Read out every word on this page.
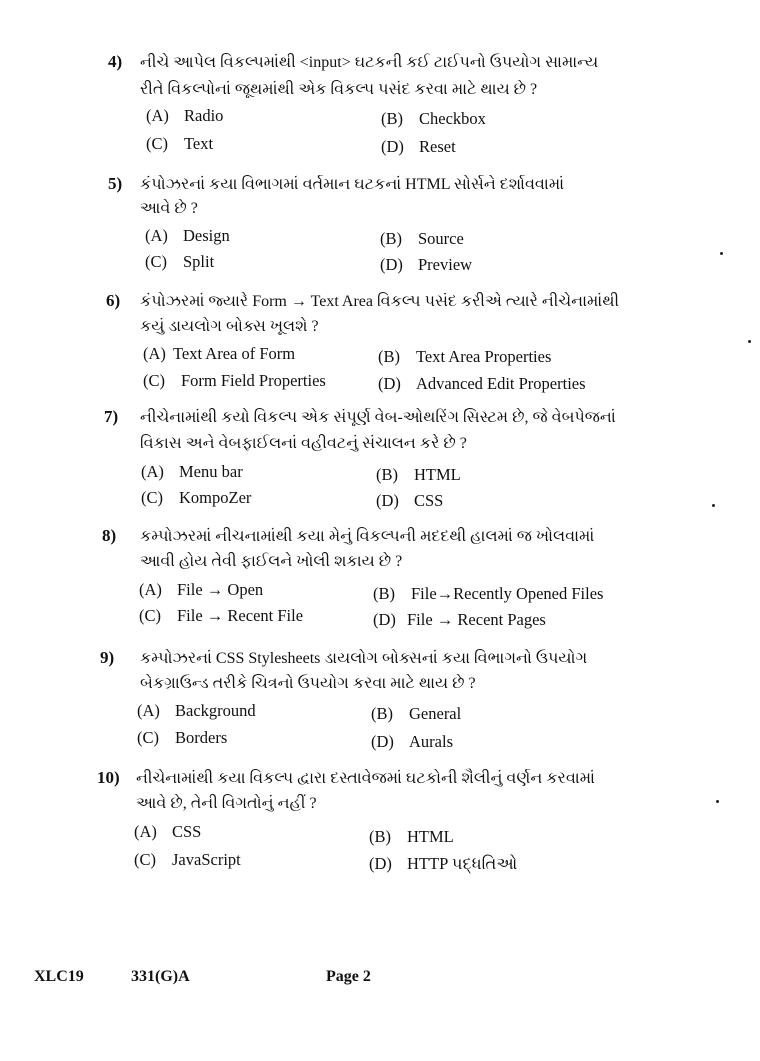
4) નીચે આપેલ વિકલ્પમાંથી <input> ઘટકની કઈ ટાઈપનો ઉપયોગ સામાન્ય
રીતે વિકલ્પોનાં જૂથમાંથી એક વિકલ્પ પસંદ કરવા માટે થાય છે ?
(A) Radio	(B) Checkbox
(C) Text	(D) Reset
5) કંપોઝરનાં કયા વિભાગમાં વર્તમાન ઘટકનાં HTML સોર્સને દર્શાવવામાં
આવે છે ?
(A) Design	(B) Source
(C) Split	(D) Preview
6) કંપોઝરમાં જ્યારે Form → Text Area વિકલ્પ પસંદ કરીએ ત્યારે નીચેનામાંથી
કયું ડાયલોગ બોક્સ ખૂલશે ?
(A) Text Area of Form	(B) Text Area Properties
(C) Form Field Properties	(D) Advanced Edit Properties
7) નીચેનામાંથી કયો વિકલ્પ એક સંપૂર્ણ વેબ-ઓથરિંગ સિસ્ટમ છે, જે વેબપેજનાં
વિકાસ અને વેબફાઈલનાં વહીવટનું સંચાલન કરે છે ?
(A) Menu bar	(B) HTML
(C) KompoZer	(D) CSS
8) કમ્પોઝરમાં નીચનામાંથી કયા મેનું વિકલ્પની મદદથી હાલમાં જ ખોલવામાં
આવી હોય તેવી ફાઈલને ખોલી શકાય છે ?
(A) File → Open	(B) File→Recently Opened Files
(C) File → Recent File	(D) File → Recent Pages
9) કમ્પોઝરનાં CSS Stylesheets ડાયલોગ બોક્સનાં કયા વિભાગનો ઉપયોગ
બેકગ્રાઉન્ડ તરીકે ચિત્રનો ઉપયોગ કરવા માટે થાય છે ?
(A) Background	(B) General
(C) Borders	(D) Aurals
10) નીચેનામાંથી કયા વિકલ્પ દ્વારા દસ્તાવેજમાં ઘટકોની શૈલીનું વર્ણન કરવામાં
આવે છે, તેની વિગતોનું નહીં ?
(A) CSS	(B) HTML
(C) JavaScript	(D) HTTP પદ્ધતિઓ
XLC19	331(G)A	Page 2
